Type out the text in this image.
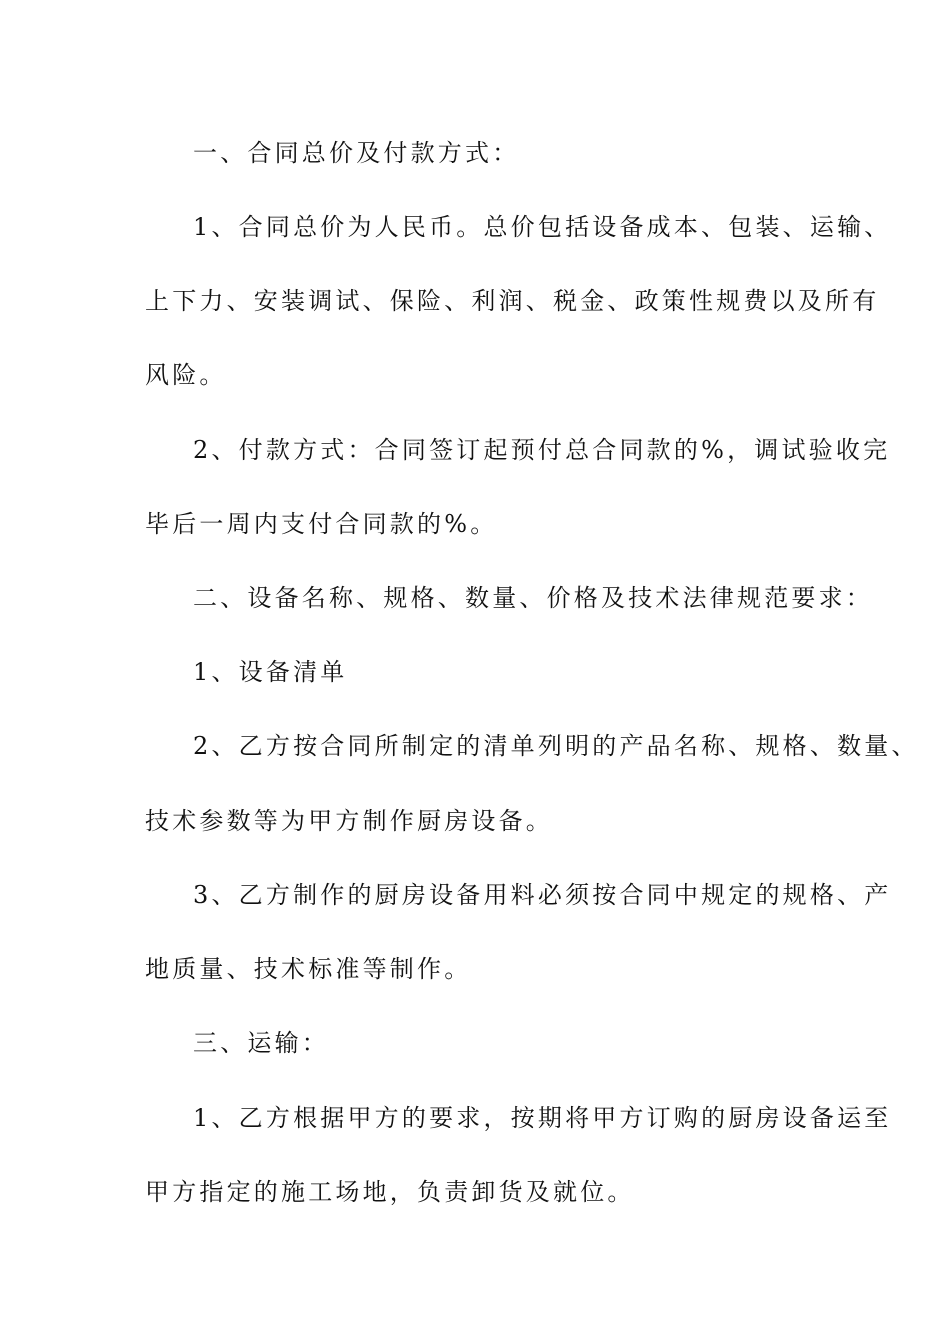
一、合同总价及付款方式：
1、合同总价为人民币。总价包括设备成本、包装、运输、
上下力、安装调试、保险、利润、税金、政策性规费以及所有
风险。
2、付款方式：合同签订起预付总合同款的%，调试验收完
毕后一周内支付合同款的%。
二、设备名称、规格、数量、价格及技术法律规范要求：
1、设备清单
2、乙方按合同所制定的清单列明的产品名称、规格、数量、
技术参数等为甲方制作厨房设备。
3、乙方制作的厨房设备用料必须按合同中规定的规格、产
地质量、技术标准等制作。
三、运输：
1、乙方根据甲方的要求，按期将甲方订购的厨房设备运至
甲方指定的施工场地，负责卸货及就位。
